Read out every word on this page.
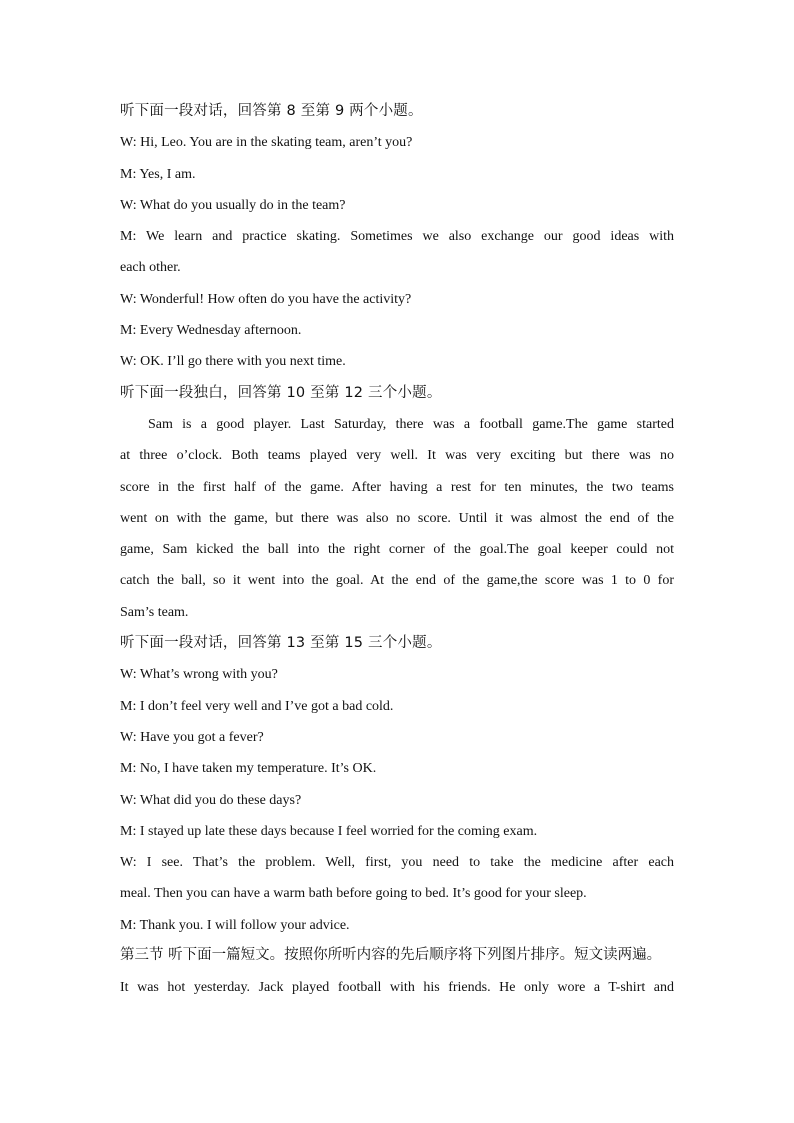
听下面一段对话，回答第 8 至第 9 两个小题。
W: Hi, Leo. You are in the skating team, aren’t you?
M: Yes, I am.
W: What do you usually do in the team?
M: We learn and practice skating. Sometimes we also exchange our good ideas with
each other.
W: Wonderful! How often do you have the activity?
M: Every Wednesday afternoon.
W: OK. I’ll go there with you next time.
听下面一段独白，回答第 10 至第 12 三个小题。
Sam is a good player. Last Saturday, there was a football game.The game started
at three o’clock. Both teams played very well. It was very exciting but there was no
score in the first half of the game. After having a rest for ten minutes, the two teams
went on with the game, but there was also no score. Until it was almost the end of the
game, Sam kicked the ball into the right corner of the goal.The goal keeper could not
catch the ball, so it went into the goal. At the end of the game,the score was 1 to 0 for
Sam’s team.
听下面一段对话，回答第 13 至第 15 三个小题。
W: What’s wrong with you?
M: I don’t feel very well and I’ve got a bad cold.
W: Have you got a fever?
M: No, I have taken my temperature. It’s OK.
W: What did you do these days?
M: I stayed up late these days because I feel worried for the coming exam.
W: I see. That’s the problem. Well, first, you need to take the medicine after each
meal. Then you can have a warm bath before going to bed. It’s good for your sleep.
M: Thank you. I will follow your advice.
第三节 听下面一篇短文。按照你所听内容的先后顺序将下列图片排序。短文读两遍。
It was hot yesterday. Jack played football with his friends. He only wore a T-shirt and
